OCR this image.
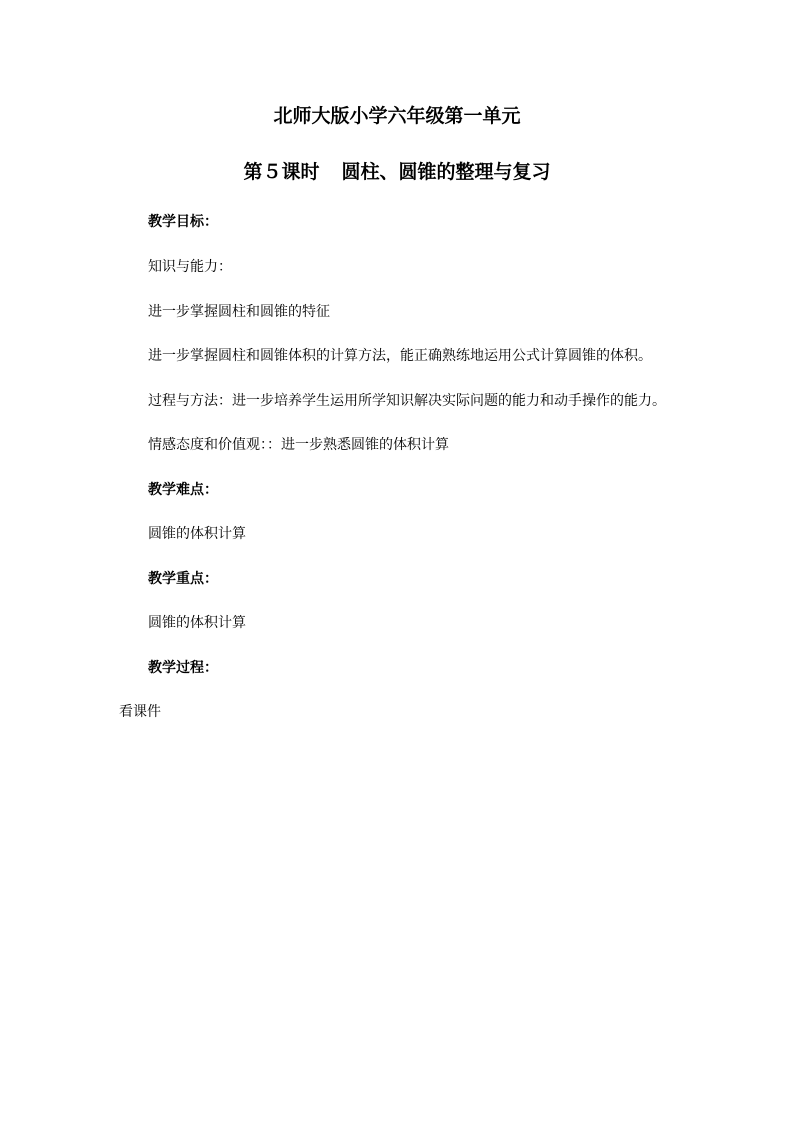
北师大版小学六年级第一单元
第５课时 圆柱、圆锥的整理与复习
教学目标：
知识与能力：
进一步掌握圆柱和圆锥的特征
进一步掌握圆柱和圆锥体积的计算方法，能正确熟练地运用公式计算圆锥的体积。
过程与方法：进一步培养学生运用所学知识解决实际问题的能力和动手操作的能力。
情感态度和价值观：：进一步熟悉圆锥的体积计算
教学难点：
圆锥的体积计算
教学重点：
圆锥的体积计算
教学过程：
看课件
